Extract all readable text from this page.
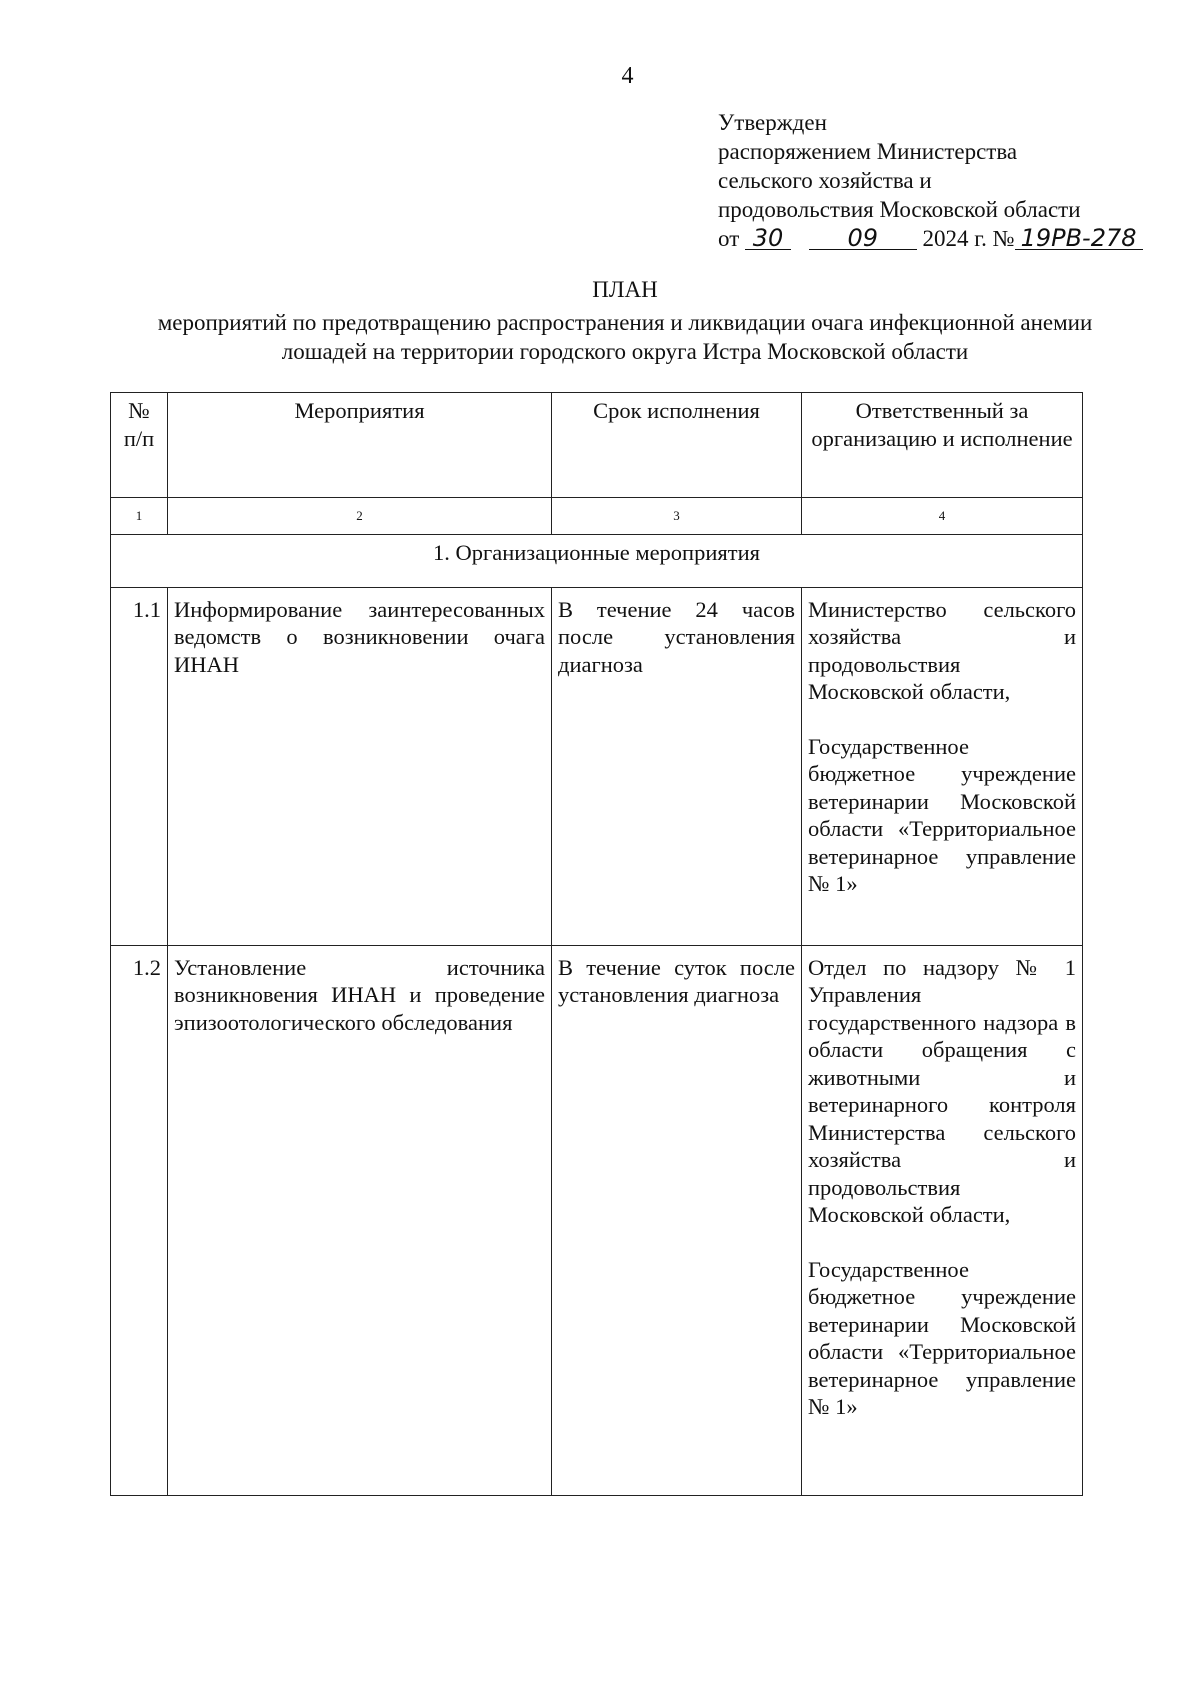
4
Утвержден
распоряжением Министерства
сельского хозяйства и
продовольствия Московской области
от 30	09 2024 г. № 19РВ-278
ПЛАН
мероприятий по предотвращению распространения и ликвидации очага инфекционной анемии
лошадей на территории городского округа Истра Московской области
№ п/п	Мероприятия	Срок исполнения	Ответственный за организацию и исполнение
1	2	3	4
1. Организационные мероприятия			
1.1	Информирование заинтересованных ведомств о возникновении очага ИНАН	В течение 24 часов после установления диагноза	Министерство сельского хозяйства и продовольствия Московской области,

Государственное бюджетное учреждение ветеринарии Московской области «Территориальное ветеринарное управление № 1»

1.2	Установление источника возникновения ИНАН и проведение эпизоотологического обследования	В течение суток после установления диагноза	Отдел по надзору № 1 Управления государственного надзора в области обращения с животными и ветеринарного контроля Министерства сельского хозяйства и продовольствия Московской области,

Государственное бюджетное учреждение ветеринарии Московской области «Территориальное ветеринарное управление № 1»
